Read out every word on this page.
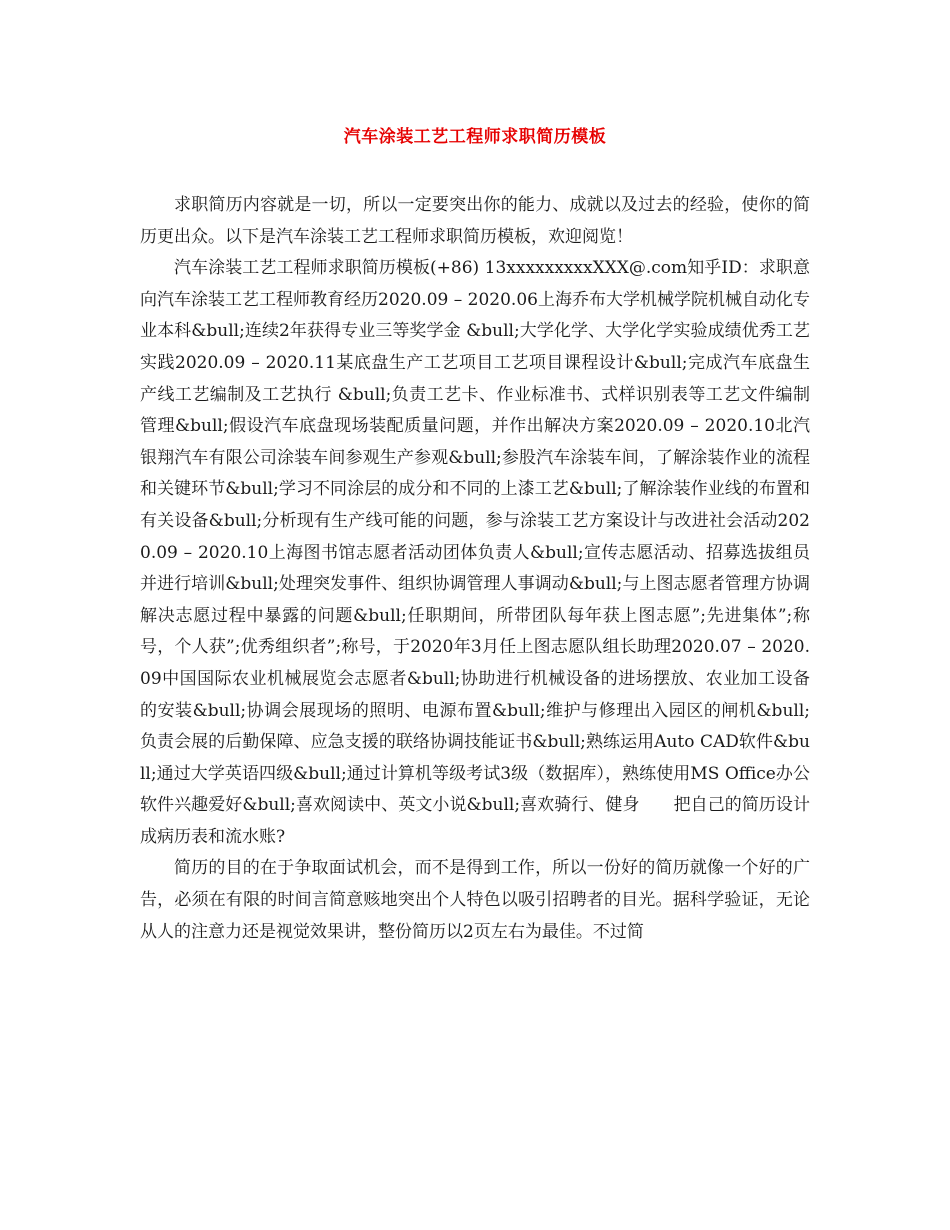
汽车涂装工艺工程师求职简历模板

求职简历内容就是一切，所以一定要突出你的能力、成就以及过去的经验，使你的简历更出众。以下是汽车涂装工艺工程师求职简历模板，欢迎阅览！

汽车涂装工艺工程师求职简历模板(+86) 13xxxxxxxxxXXX@.com知乎ID：求职意向汽车涂装工艺工程师教育经历2020.09 – 2020.06上海乔布大学机械学院机械自动化专业本科&bull;连续2年获得专业三等奖学金 &bull;大学化学、大学化学实验成绩优秀工艺实践2020.09 – 2020.11某底盘生产工艺项目工艺项目课程设计&bull;完成汽车底盘生产线工艺编制及工艺执行 &bull;负责工艺卡、作业标准书、式样识别表等工艺文件编制管理&bull;假设汽车底盘现场装配质量问题，并作出解决方案2020.09 – 2020.10北汽银翔汽车有限公司涂装车间参观生产参观&bull;参股汽车涂装车间，了解涂装作业的流程和关键环节&bull;学习不同涂层的成分和不同的上漆工艺&bull;了解涂装作业线的布置和有关设备&bull;分析现有生产线可能的问题，参与涂装工艺方案设计与改进社会活动2020.09 – 2020.10上海图书馆志愿者活动团体负责人&bull;宣传志愿活动、招募选拔组员并进行培训&bull;处理突发事件、组织协调管理人事调动&bull;与上图志愿者管理方协调解决志愿过程中暴露的问题&bull;任职期间，所带团队每年获上图志愿”;先进集体”;称号，个人获”;优秀组织者”;称号，于2020年3月任上图志愿队组长助理2020.07 – 2020.09中国国际农业机械展览会志愿者&bull;协助进行机械设备的进场摆放、农业加工设备的安装&bull;协调会展现场的照明、电源布置&bull;维护与修理出入园区的闸机&bull;负责会展的后勤保障、应急支援的联络协调技能证书&bull;熟练运用Auto CAD软件&bull;通过大学英语四级&bull;通过计算机等级考试3级（数据库），熟练使用MS Office办公软件兴趣爱好&bull;喜欢阅读中、英文小说&bull;喜欢骑行、健身　　把自己的简历设计成病历表和流水账?

简历的目的在于争取面试机会，而不是得到工作，所以一份好的简历就像一个好的广告，必须在有限的时间言简意赅地突出个人特色以吸引招聘者的目光。据科学验证，无论从人的注意力还是视觉效果讲，整份简历以2页左右为最佳。不过简
